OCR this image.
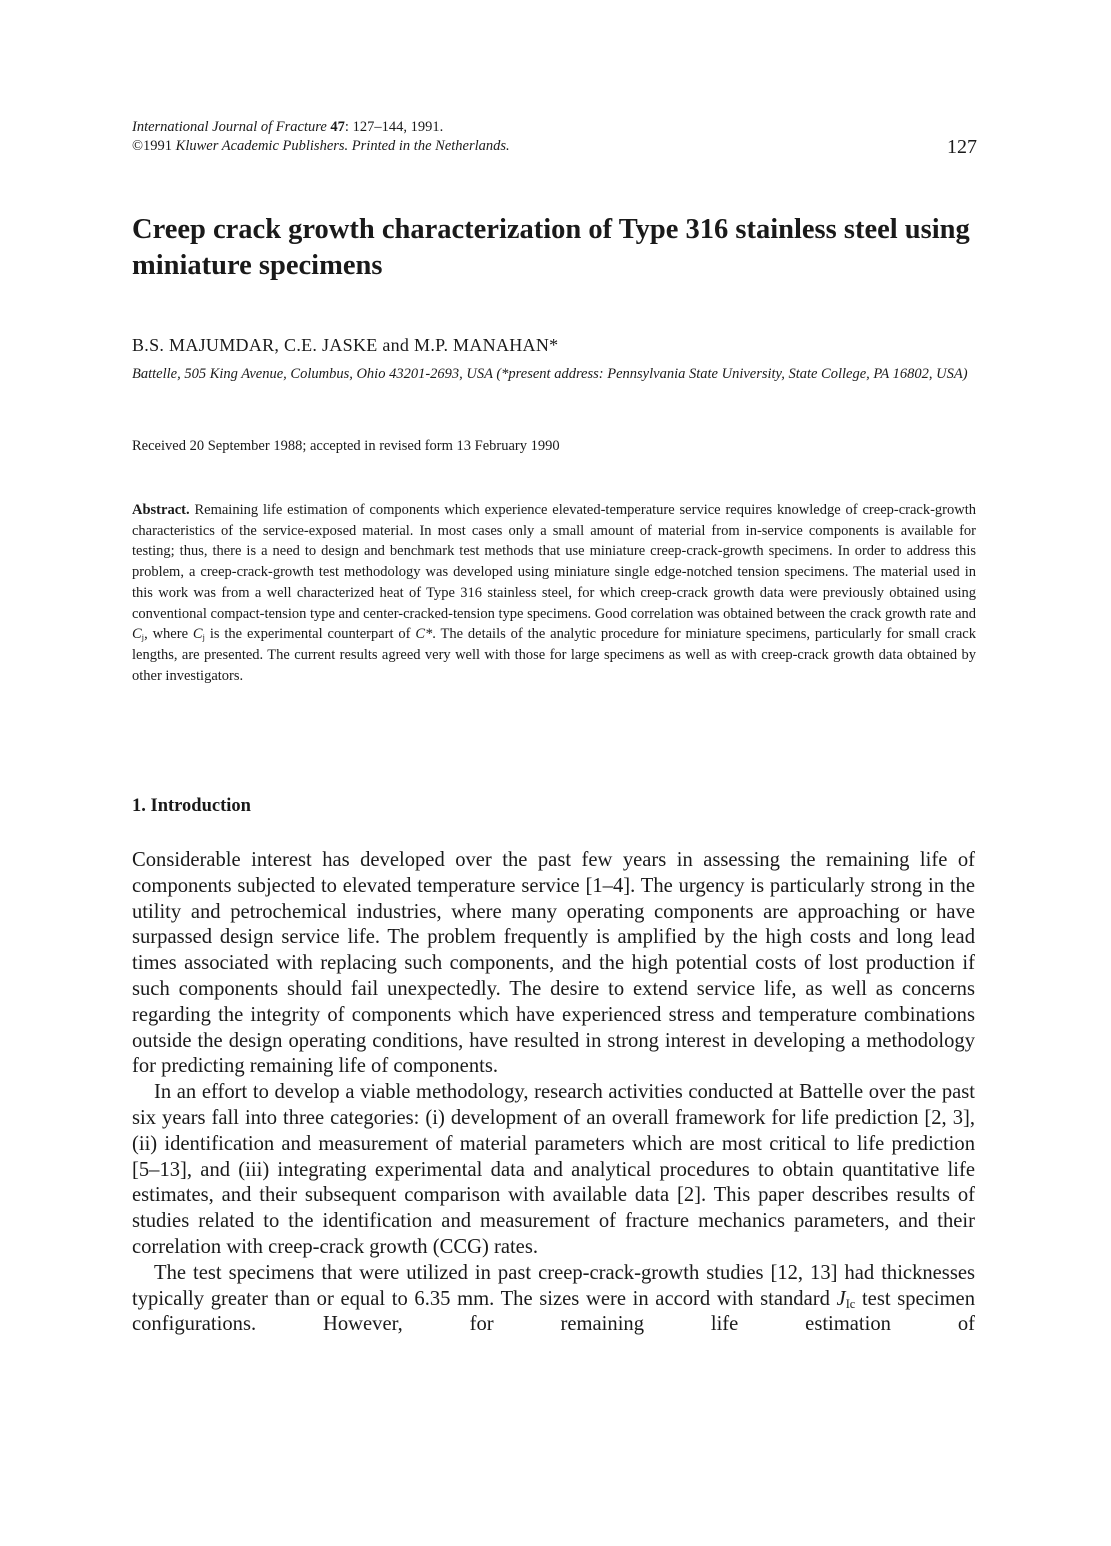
International Journal of Fracture 47: 127–144, 1991.
©1991 Kluwer Academic Publishers. Printed in the Netherlands.	127
Creep crack growth characterization of Type 316 stainless steel using miniature specimens
B.S. MAJUMDAR, C.E. JASKE and M.P. MANAHAN*
Battelle, 505 King Avenue, Columbus, Ohio 43201-2693, USA (*present address: Pennsylvania State University, State College, PA 16802, USA)
Received 20 September 1988; accepted in revised form 13 February 1990
Abstract. Remaining life estimation of components which experience elevated-temperature service requires knowledge of creep-crack-growth characteristics of the service-exposed material. In most cases only a small amount of material from in-service components is available for testing; thus, there is a need to design and benchmark test methods that use miniature creep-crack-growth specimens. In order to address this problem, a creep-crack-growth test methodology was developed using miniature single edge-notched tension specimens. The material used in this work was from a well characterized heat of Type 316 stainless steel, for which creep-crack growth data were previously obtained using conventional compact-tension type and center-cracked-tension type specimens. Good correlation was obtained between the crack growth rate and $C_j$, where $C_j$ is the experimental counterpart of C*. The details of the analytic procedure for miniature specimens, particularly for small crack lengths, are presented. The current results agreed very well with those for large specimens as well as with creep-crack growth data obtained by other investigators.
1. Introduction

Considerable interest has developed over the past few years in assessing the remaining life of components subjected to elevated temperature service [1–4]. The urgency is particularly strong in the utility and petrochemical industries, where many operating components are approaching or have surpassed design service life. The problem frequently is amplified by the high costs and long lead times associated with replacing such components, and the high potential costs of lost production if such components should fail unexpectedly. The desire to extend service life, as well as concerns regarding the integrity of components which have experienced stress and temperature combinations outside the design operating conditions, have resulted in strong interest in developing a methodology for predicting remaining life of components.

In an effort to develop a viable methodology, research activities conducted at Battelle over the past six years fall into three categories: (i) development of an overall framework for life prediction [2, 3], (ii) identification and measurement of material parameters which are most critical to life prediction [5–13], and (iii) integrating experimental data and analytical procedures to obtain quantitative life estimates, and their subsequent comparison with available data [2]. This paper describes results of studies related to the identification and measurement of fracture mechanics parameters, and their correlation with creep-crack growth (CCG) rates.

The test specimens that were utilized in past creep-crack-growth studies [12, 13] had thicknesses typically greater than or equal to 6.35 mm. The sizes were in accord with standard $J_{Ic}$ test specimen configurations. However, for remaining life estimation of
